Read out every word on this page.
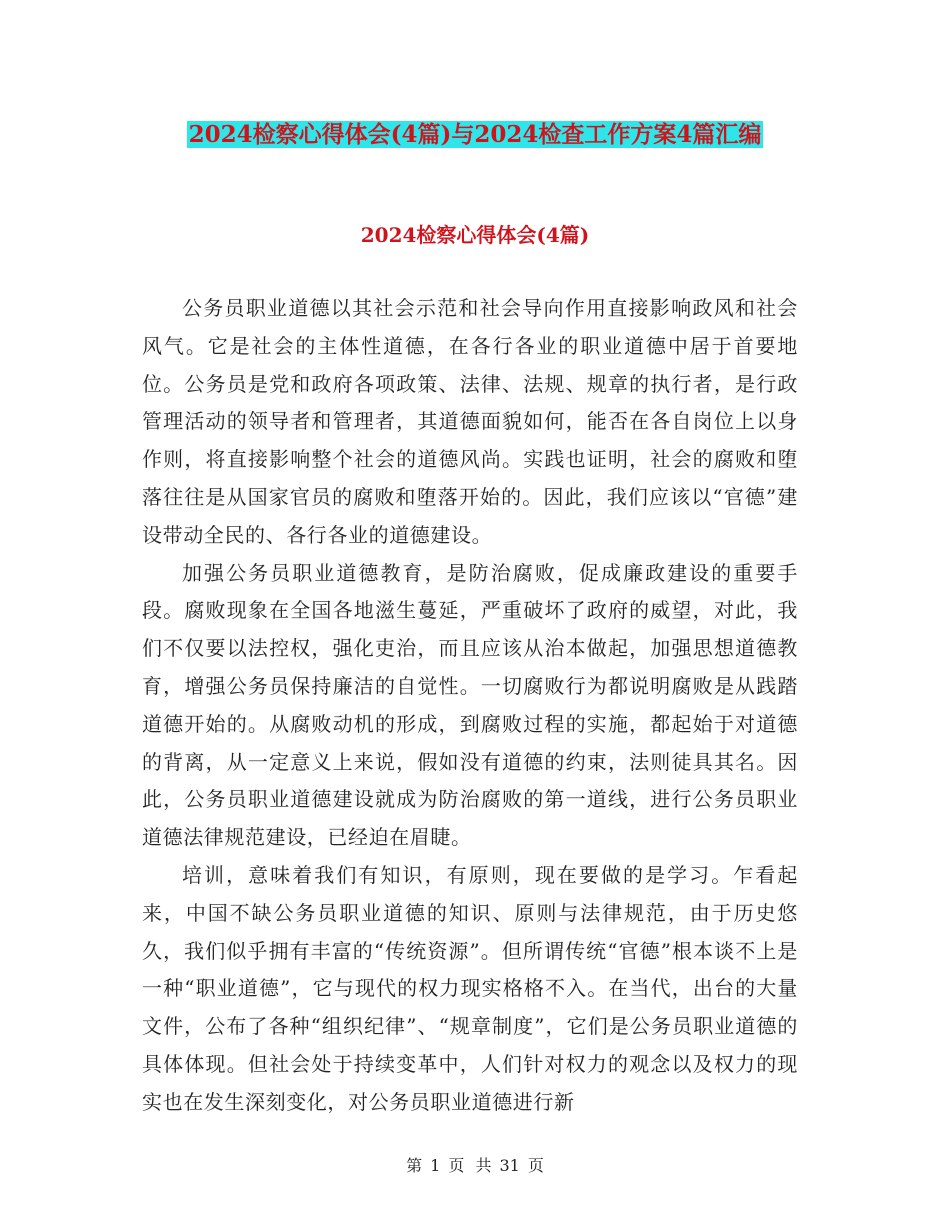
2024检察心得体会(4篇)与2024检查工作方案4篇汇编
2024检察心得体会(4篇)

公务员职业道德以其社会示范和社会导向作用直接影响政风和社会风气。它是社会的主体性道德，在各行各业的职业道德中居于首要地位。公务员是党和政府各项政策、法律、法规、规章的执行者，是行政管理活动的领导者和管理者，其道德面貌如何，能否在各自岗位上以身作则，将直接影响整个社会的道德风尚。实践也证明，社会的腐败和堕落往往是从国家官员的腐败和堕落开始的。因此，我们应该以“官德”建设带动全民的、各行各业的道德建设。

加强公务员职业道德教育，是防治腐败，促成廉政建设的重要手段。腐败现象在全国各地滋生蔓延，严重破坏了政府的威望，对此，我们不仅要以法控权，强化吏治，而且应该从治本做起，加强思想道德教育，增强公务员保持廉洁的自觉性。一切腐败行为都说明腐败是从践踏道德开始的。从腐败动机的形成，到腐败过程的实施，都起始于对道德的背离，从一定意义上来说，假如没有道德的约束，法则徒具其名。因此，公务员职业道德建设就成为防治腐败的第一道线，进行公务员职业道德法律规范建设，已经迫在眉睫。

培训，意味着我们有知识，有原则，现在要做的是学习。乍看起来，中国不缺公务员职业道德的知识、原则与法律规范，由于历史悠久，我们似乎拥有丰富的“传统资源”。但所谓传统“官德”根本谈不上是一种“职业道德”，它与现代的权力现实格格不入。在当代，出台的大量文件，公布了各种“组织纪律”、“规章制度”，它们是公务员职业道德的具体体现。但社会处于持续变革中，人们针对权力的观念以及权力的现实也在发生深刻变化，对公务员职业道德进行新

第 1 页 共 31 页
